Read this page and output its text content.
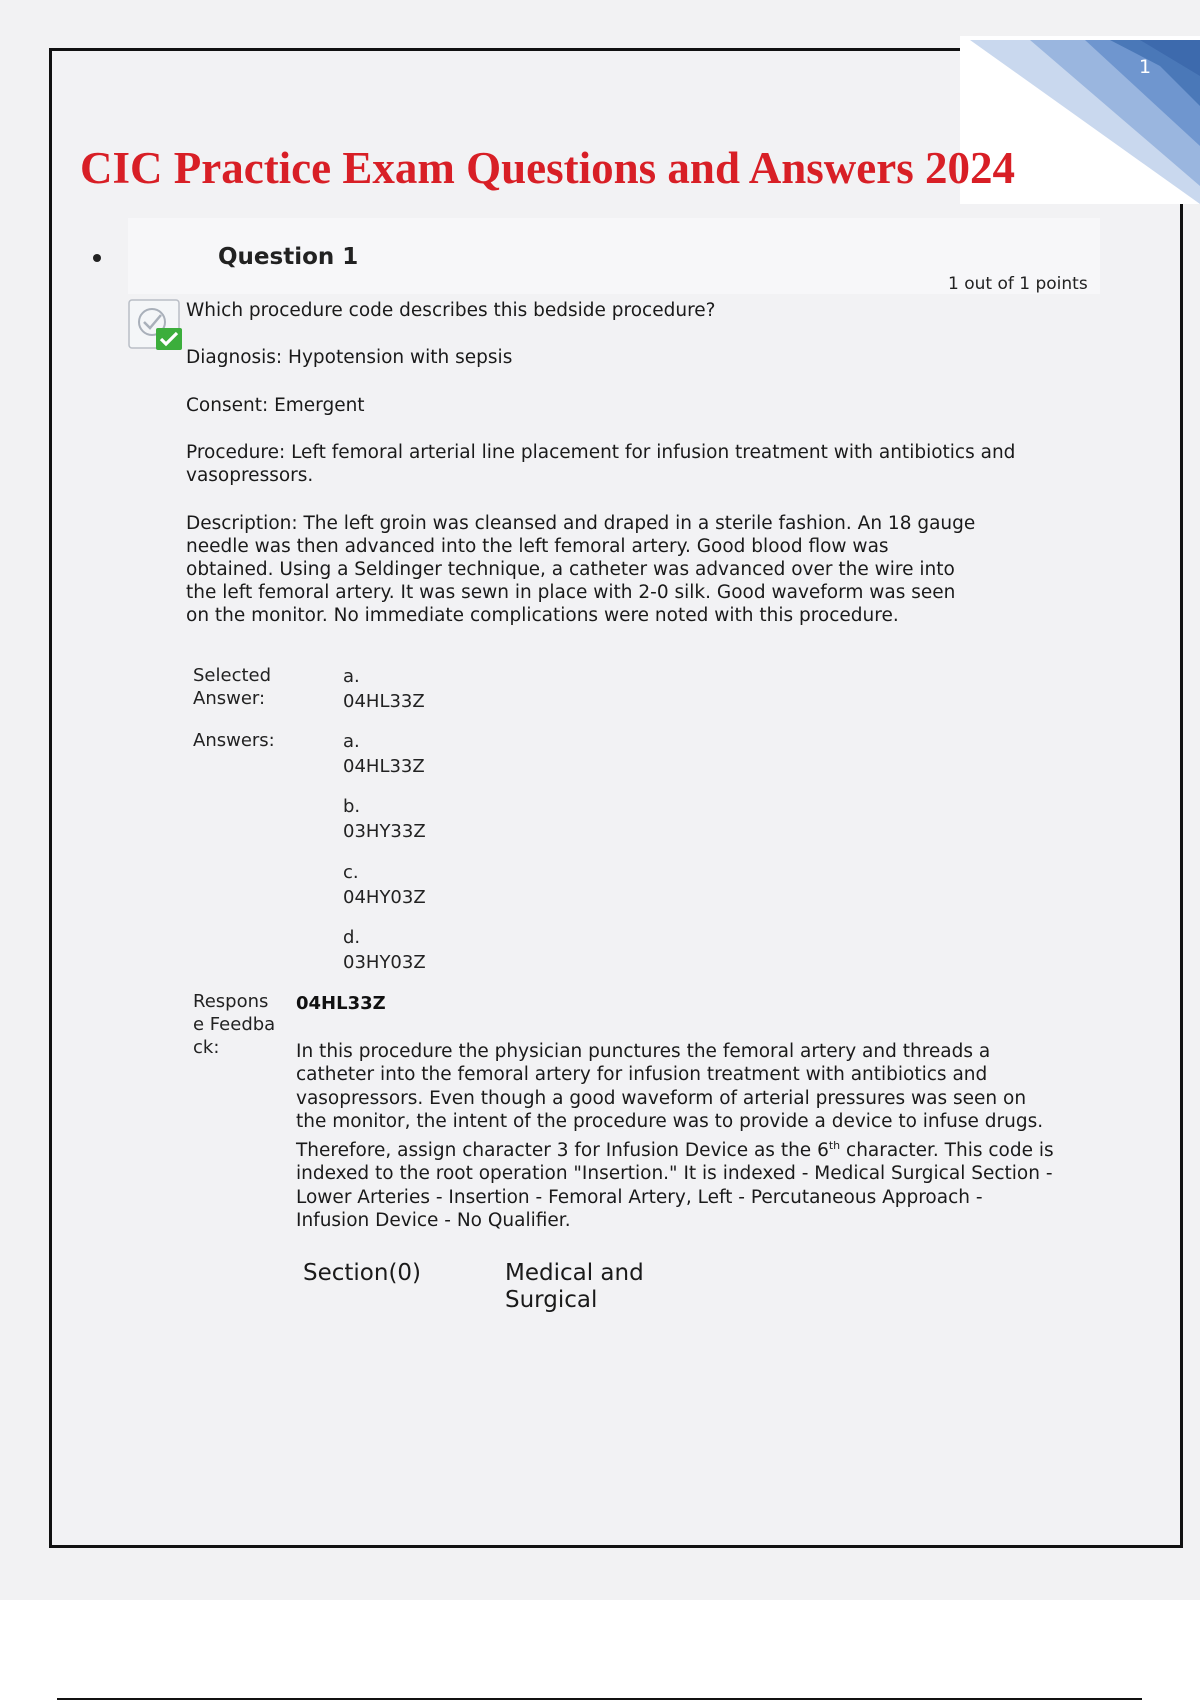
1
CIC Practice Exam Questions and Answers 2024
Question 1
1 out of 1 points
Which procedure code describes this bedside procedure?
Diagnosis: Hypotension with sepsis
Consent: Emergent
Procedure: Left femoral arterial line placement for infusion treatment with antibiotics and vasopressors.
Description: The left groin was cleansed and draped in a sterile fashion. An 18 gauge
needle was then advanced into the left femoral artery. Good blood flow was
obtained. Using a Seldinger technique, a catheter was advanced over the wire into
the left femoral artery. It was sewn in place with 2-0 silk. Good waveform was seen
on the monitor. No immediate complications were noted with this procedure.
Selected Answer:
a.
04HL33Z
Answers:	a.
04HL33Z
b.
03HY33Z
c.
04HY03Z
d.
03HY03Z
Response Feedback:
04HL33Z
In this procedure the physician punctures the femoral artery and threads a catheter into the femoral artery for infusion treatment with antibiotics and vasopressors. Even though a good waveform of arterial pressures was seen on the monitor, the intent of the procedure was to provide a device to infuse drugs. Therefore, assign character 3 for Infusion Device as the 6th character. This code is indexed to the root operation "Insertion." It is indexed - Medical Surgical Section - Lower Arteries - Insertion - Femoral Artery, Left - Percutaneous Approach - Infusion Device - No Qualifier.
Section(0)	Medical and Surgical
